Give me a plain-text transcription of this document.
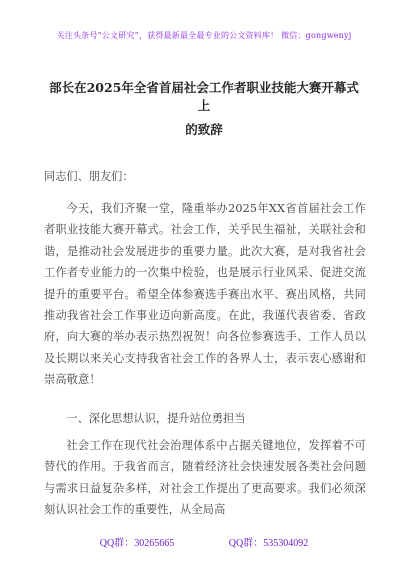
关注头条号“公文研究”，获得最新最全最专业的公文资料库！ 微信：gongwenyj
部长在2025年全省首届社会工作者职业技能大赛开幕式上
的致辞
同志们、朋友们：
今天，我们齐聚一堂，隆重举办2025年XX省首届社会工作者职业技能大赛开幕式。社会工作，关乎民生福祉，关联社会和谐，是推动社会发展进步的重要力量。此次大赛，是对我省社会工作者专业能力的一次集中检验，也是展示行业风采、促进交流提升的重要平台。希望全体参赛选手赛出水平、赛出风格，共同推动我省社会工作事业迈向新高度。在此，我谨代表省委、省政府，向大赛的举办表示热烈祝贺！向各位参赛选手、工作人员以及长期以来关心支持我省社会工作的各界人士，表示衷心感谢和崇高敬意！
一、深化思想认识，提升站位勇担当
社会工作在现代社会治理体系中占据关键地位，发挥着不可替代的作用。于我省而言，随着经济社会快速发展各类社会问题与需求日益复杂多样，对社会工作提出了更高要求。我们必须深刻认识社会工作的重要性，从全局高
QQ群：30265665	QQ群：535304092
